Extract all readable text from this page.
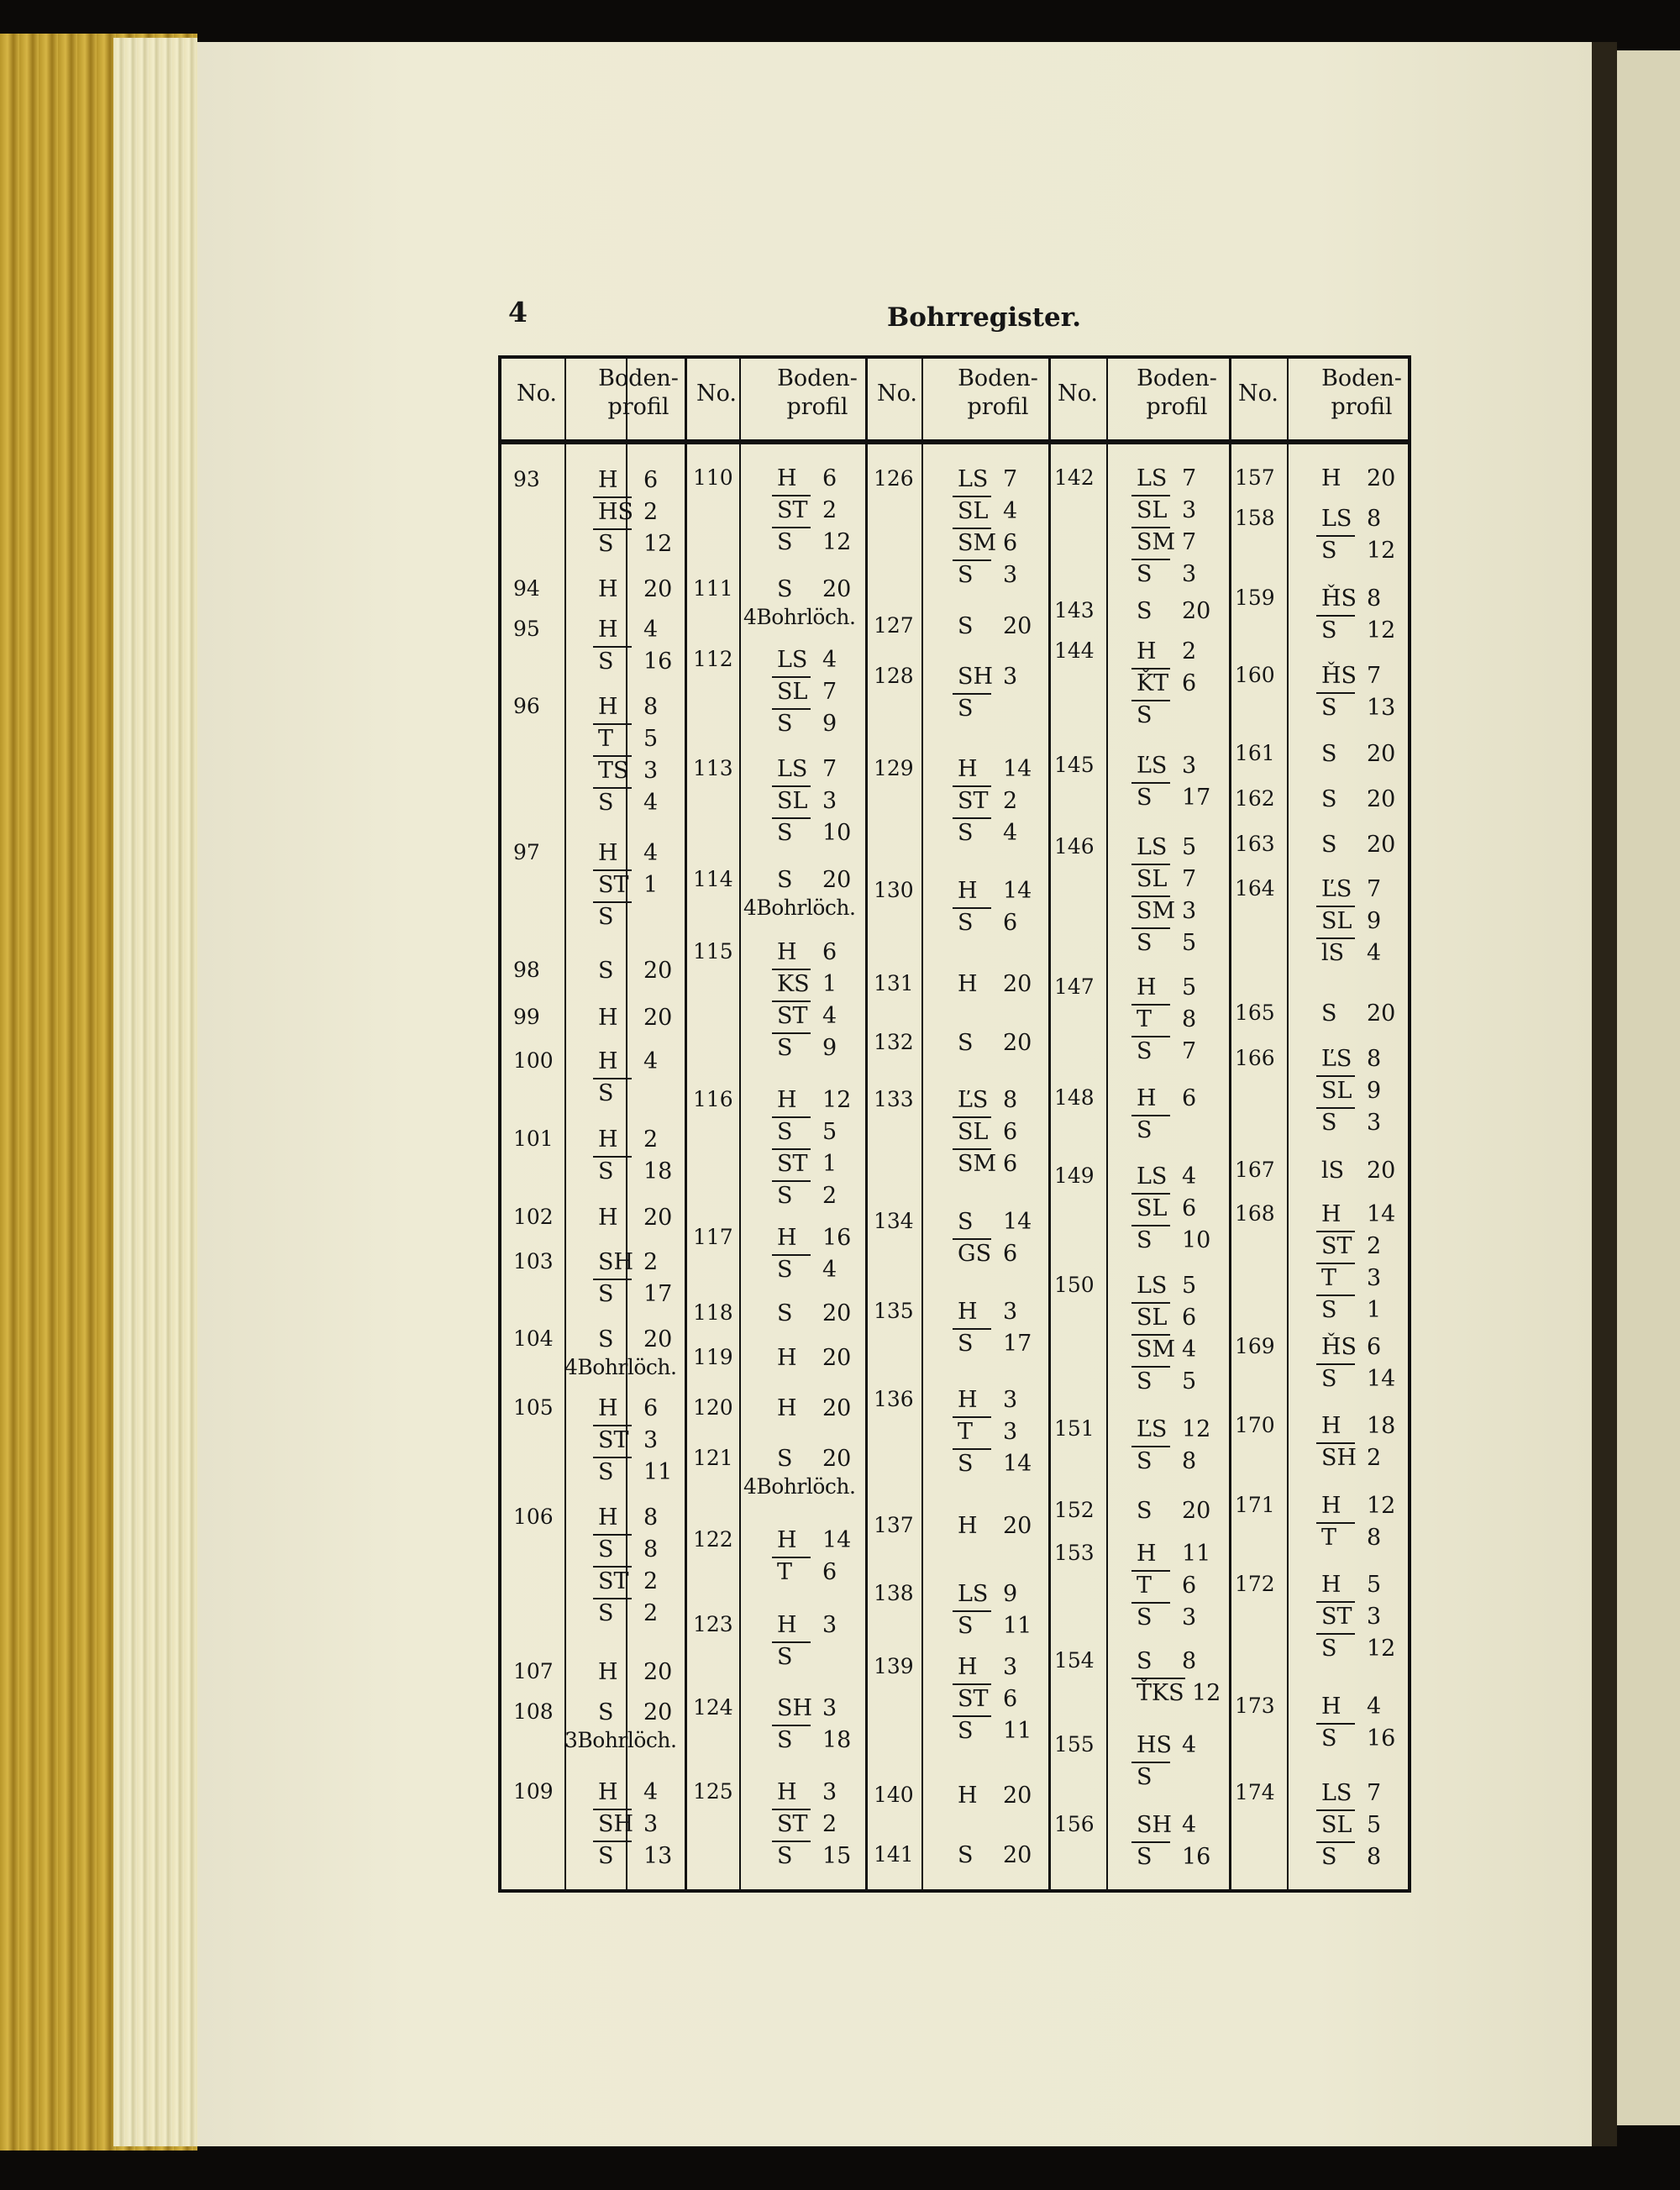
4	Bohrregister.
No.
Boden-
profil
No.
Boden-
profil
No.
Boden-
profil
No.
Boden-
profil
No.
Boden-
profil
93	H 6
HS 2
S 12
94	H 20
95	H 4
S 16
96	H 8
T 5
TS 3
S 4
97	H 4
ST 1
S
98	S 20
99	H 20
100 H 4
S
101 H 2
S 18
102 H 20
103 SH 2
S 17
104 S 20
4Bohrlöch.
105 H 6
ST 3
S 11
106 H 8
S 8
ST 2
S 2
107 H 20
108 S 20
3Bohrlöch.
109 H 4
SH 3
S 13
110 H 6
ST 2
S 12
111 S 20
4Bohrlöch.
112 LS 4
SL 7
S 9
113 LS 7
SL 3
S 10
114 S 20
4Bohrlöch.
115 H 6
KS 1
ST 4
S 9
116 H 12
S 5
ST 1
S 2
117 H 16
S 4
118 S 20
119 H 20
120 H 20
121 S 20
4Bohrlöch.
122 H 14
T 6
123 H 3
S
124 SH 3
S 18
125 H 3
ST 2
S 15
126 LS 7
SL 4
SM 6
S 3
127 S 20
128 SH 3
S
129 H 14
ST 2
S 4
130 H 14
S 6
131 H 20
132 S 20
133 ĽS 8
SL 6
SM 6
134 S 14
GS 6
135 H 3
S 17
136 H 3
T 3
S 14
137 H 20
138 LS 9
S 11
139 H 3
ST 6
S 11
140 H 20
141 S 20
142 LS 7
SL 3
SM 7
S 3
143 S 20
144 H 2
ǨT 6
S
145 ĽS 3
S 17
146 LS 5
SL 7
SM 3
S 5
147 H 5
T 8
S 7
148 H 6
S
149 LS 4
SL 6
S 10
150 LS 5
SL 6
SM 4
S 5
151 ĽS 12
S 8
152 S 20
153 H 11
T 6
S 3
154 S 8
ŤKS 12
155 HS 4
S
156 SH 4
S 16
157 H 20
158 LS 8
S 12
159 ȞS 8
S 12
160 ȞS 7
S 13
161 S 20
162 S 20
163 S 20
164 ĽS 7
SL 9
lS 4
165 S 20
166 ĽS 8
SL 9
S 3
167 lS 20
168 H 14
ST 2
T 3
S 1
169 ȞS 6
S 14
170 H 18
SH 2
171 H 12
T 8
172 H 5
ST 3
S 12
173 H 4
S 16
174 LS 7
SL 5
S 8
